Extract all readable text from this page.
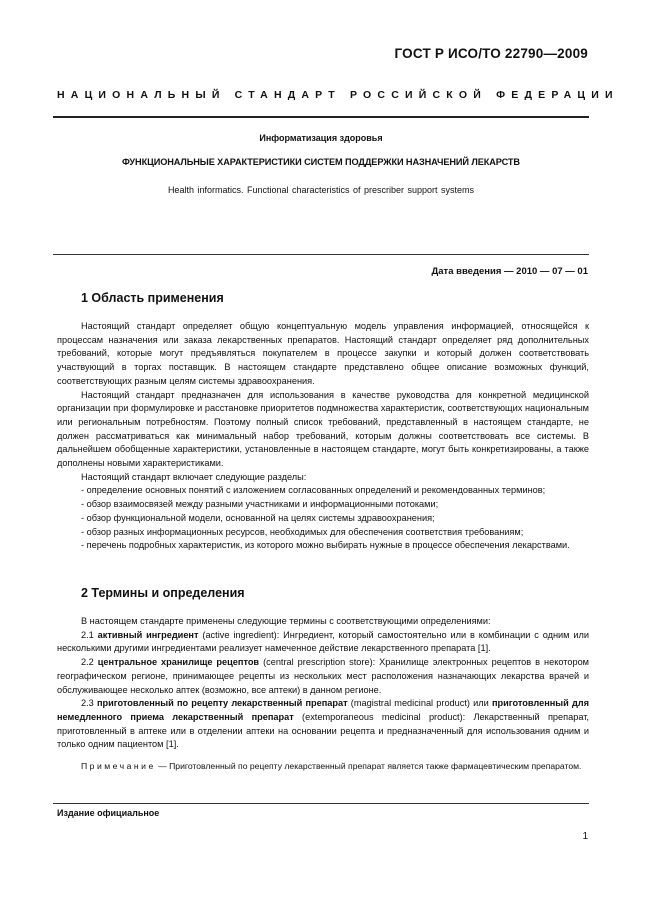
ГОСТ Р ИСО/ТО 22790—2009
НАЦИОНАЛЬНЫЙ СТАНДАРТ РОССИЙСКОЙ ФЕДЕРАЦИИ
Информатизация здоровья
ФУНКЦИОНАЛЬНЫЕ ХАРАКТЕРИСТИКИ СИСТЕМ ПОДДЕРЖКИ НАЗНАЧЕНИЙ ЛЕКАРСТВ
Health informatics. Functional characteristics of prescriber support systems
Дата введения — 2010 — 07 — 01
1 Область применения

Настоящий стандарт определяет общую концептуальную модель управления информацией, относящейся к процессам назначения или заказа лекарственных препаратов. Настоящий стандарт определяет ряд дополнительных требований, которые могут предъявляться покупателем в процессе закупки и который должен соответствовать участвующий в торгах поставщик. В настоящем стандарте представлено общее описание возможных функций, соответствующих разным целям системы здравоохранения.

Настоящий стандарт предназначен для использования в качестве руководства для конкретной медицинской организации при формулировке и расстановке приоритетов подмножества характеристик, соответствующих национальным или региональным потребностям. Поэтому полный список требований, представленный в настоящем стандарте, не должен рассматриваться как минимальный набор требований, которым должны соответствовать все системы. В дальнейшем обобщенные характеристики, установленные в настоящем стандарте, могут быть конкретизированы, а также дополнены новыми характеристиками.

Настоящий стандарт включает следующие разделы:

- определение основных понятий с изложением согласованных определений и рекомендованных терминов;

- обзор взаимосвязей между разными участниками и информационными потоками;

- обзор функциональной модели, основанной на целях системы здравоохранения;

- обзор разных информационных ресурсов, необходимых для обеспечения соответствия требованиям;

- перечень подробных характеристик, из которого можно выбирать нужные в процессе обеспечения лекарствами.

2 Термины и определения

В настоящем стандарте применены следующие термины с соответствующими определениями:

2.1 активный ингредиент (active ingredient): Ингредиент, который самостоятельно или в комбинации с одним или несколькими другими ингредиентами реализует намеченное действие лекарственного препарата [1].

2.2 центральное хранилище рецептов (central prescription store): Хранилище электронных рецептов в некотором географическом регионе, принимающее рецепты из нескольких мест расположения назначающих лекарства врачей и обслуживающее несколько аптек (возможно, все аптеки) в данном регионе.

2.3 приготовленный по рецепту лекарственный препарат (magistral medicinal product) или приготовленный для немедленного приема лекарственный препарат (extemporaneous medicinal product): Лекарственный препарат, приготовленный в аптеке или в отделении аптеки на основании рецепта и предназначенный для использования одним и только одним пациентом [1].

Примечание — Приготовленный по рецепту лекарственный препарат является также фармацевтическим препаратом.

Издание официальное
1
